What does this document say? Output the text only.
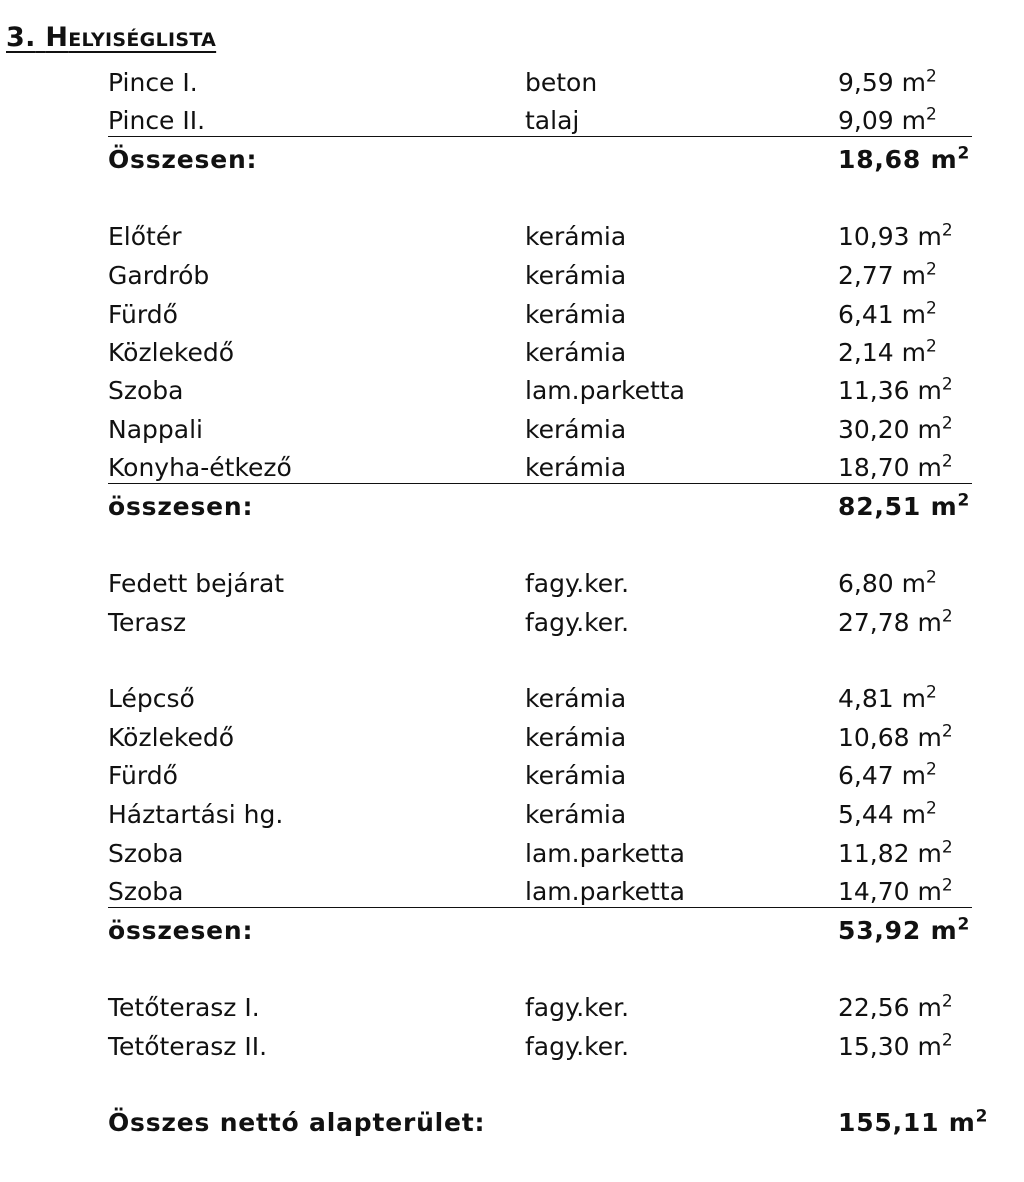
3. Helyiséglista
Pince I.	beton	9,59 $m^2$
Pince II.	talaj	9,09 $m^2$
Összesen:	18,68 $m^2$
Előtér	kerámia	10,93 $m^2$
Gardrób	kerámia	2,77 $m^2$
Fürdő	kerámia	6,41 $m^2$
Közlekedő	kerámia	2,14 $m^2$
Szoba	lam.parketta	11,36 $m^2$
Nappali	kerámia	30,20 $m^2$
Konyha-étkező	kerámia	18,70 $m^2$
összesen:	82,51 $m^2$
Fedett bejárat	fagy.ker.	6,80 $m^2$
Terasz	fagy.ker.	27,78 $m^2$
Lépcső	kerámia	4,81 $m^2$
Közlekedő	kerámia	10,68 $m^2$
Fürdő	kerámia	6,47 $m^2$
Háztartási hg.	kerámia	5,44 $m^2$
Szoba	lam.parketta	11,82 $m^2$
Szoba	lam.parketta	14,70 $m^2$
összesen:	53,92 $m^2$
Tetőterasz I.	fagy.ker.	22,56 $m^2$
Tetőterasz II.	fagy.ker.	15,30 $m^2$
Összes nettó alapterület:	155,11 $m^2$
